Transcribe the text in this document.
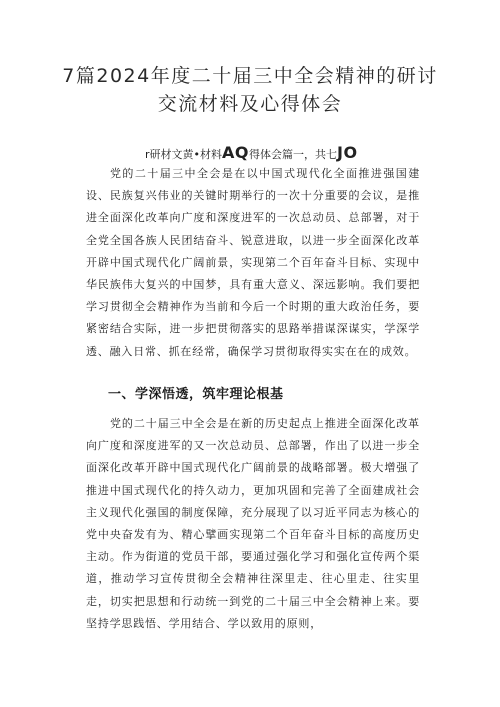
7篇2024年度二十届三中全会精神的研讨
交流材料及心得体会
r研材文黄•材料AQ得体会篇一，共七JO
党的二十届三中全会是在以中国式现代化全面推进强国建设、民族复兴伟业的关键时期举行的一次十分重要的会议，是推进全面深化改革向广度和深度进军的一次总动员、总部署，对于全党全国各族人民团结奋斗、锐意进取，以进一步全面深化改革开辟中国式现代化广阔前景，实现第二个百年奋斗目标、实现中华民族伟大复兴的中国梦，具有重大意义、深远影响。我们要把学习贯彻全会精神作为当前和今后一个时期的重大政治任务，要紧密结合实际，进一步把贯彻落实的思路举措谋深谋实，学深学透、融入日常、抓在经常，确保学习贯彻取得实实在在的成效。
一、学深悟透，筑牢理论根基
党的二十届三中全会是在新的历史起点上推进全面深化改革向广度和深度进军的又一次总动员、总部署，作出了以进一步全面深化改革开辟中国式现代化广阔前景的战略部署。极大增强了推进中国式现代化的持久动力，更加巩固和完善了全面建成社会主义现代化强国的制度保障，充分展现了以习近平同志为核心的党中央奋发有为、精心擘画实现第二个百年奋斗目标的高度历史主动。作为街道的党员干部，要通过强化学习和强化宣传两个渠道，推动学习宣传贯彻全会精神往深里走、往心里走、往实里走，切实把思想和行动统一到党的二十届三中全会精神上来。要坚持学思践悟、学用结合、学以致用的原则，
